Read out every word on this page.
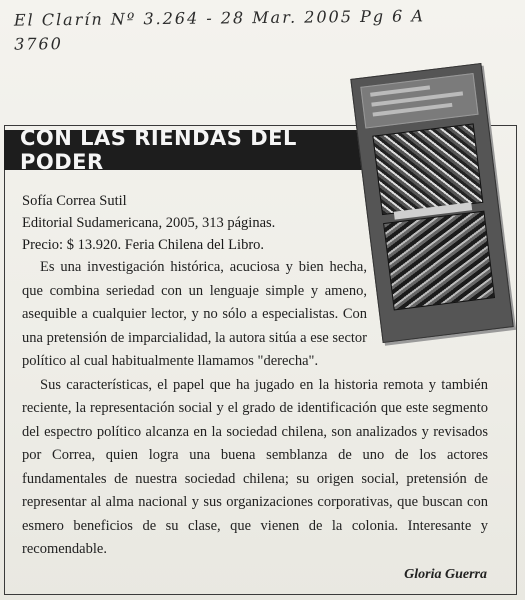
El Clarín Nº 3.264 - 28 Mar. 2005 Pg 6 A
3760
CON LAS RIENDAS DEL PODER
Sofía Correa Sutil
Editorial Sudamericana, 2005, 313 páginas.
Precio: $ 13.920. Feria Chilena del Libro.

Es una investigación histórica, acuciosa y bien hecha, que combina seriedad con un lenguaje simple y ameno, asequible a cualquier lector, y no sólo a especialistas. Con una pretensión de imparcialidad, la autora sitúa a ese sector político al cual habitualmente llamamos "derecha".

Sus características, el papel que ha jugado en la historia remota y también reciente, la representación social y el grado de identificación que este segmento del espectro político alcanza en la sociedad chilena, son analizados y revisados por Correa, quien logra una buena semblanza de uno de los actores fundamentales de nuestra sociedad chilena; su origen social, pretensión de representar al alma nacional y sus organizaciones corporativas, que buscan con esmero beneficios de su clase, que vienen de la colonia. Interesante y recomendable.

Gloria Guerra
